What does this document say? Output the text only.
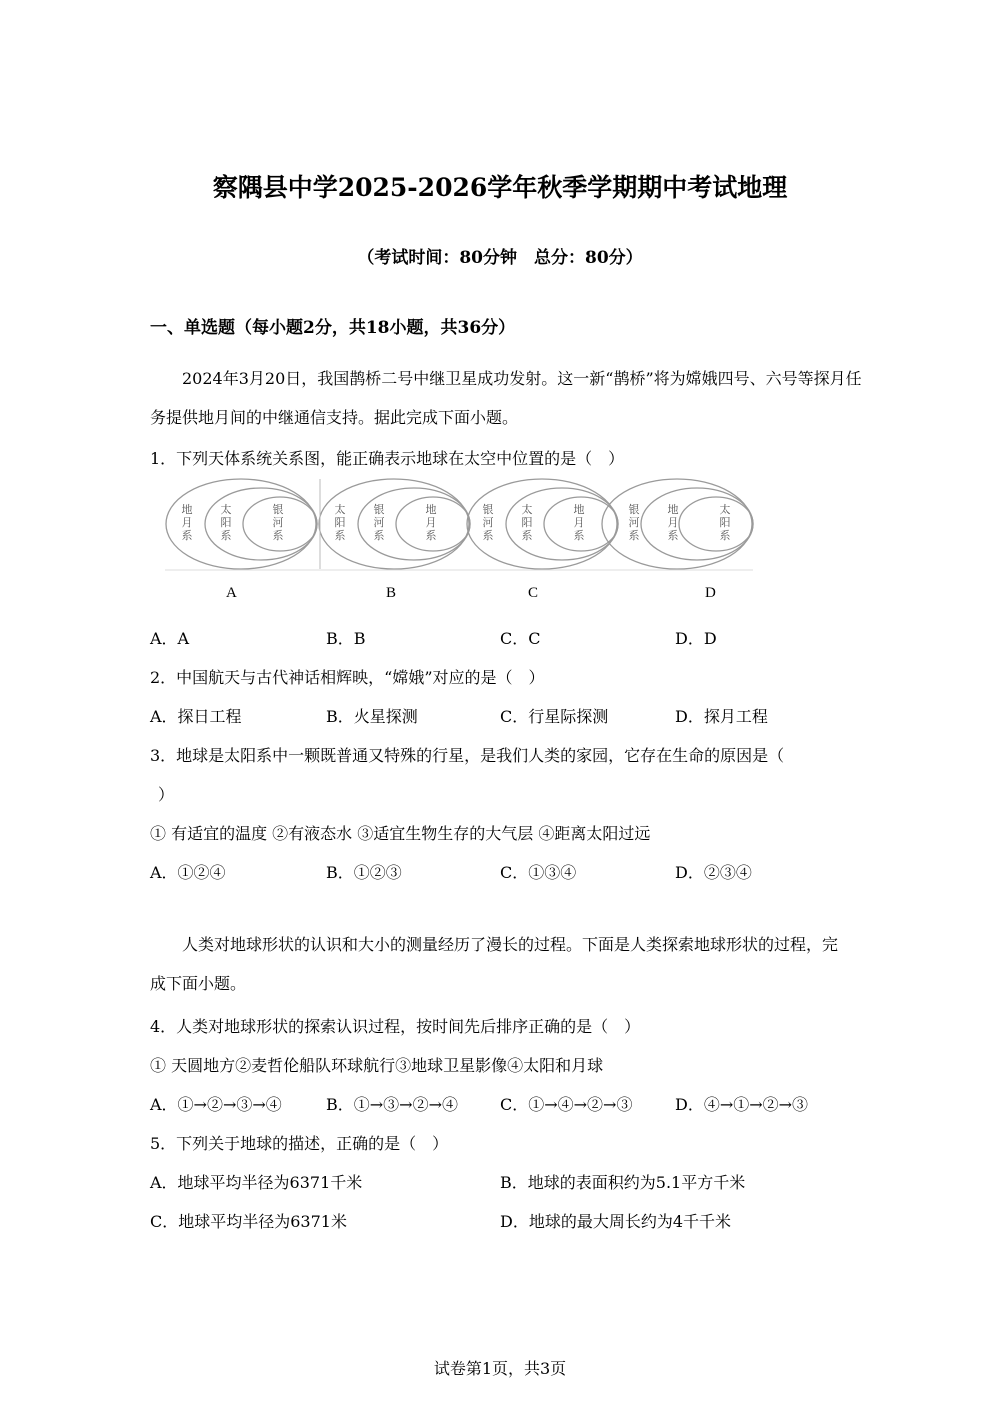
察隅县中学2025-2026学年秋季学期期中考试地理
（考试时间：80分钟　总分：80分）
一、单选题（每小题2分，共18小题，共36分）
2024年3月20日，我国鹊桥二号中继卫星成功发射。这一新“鹊桥”将为嫦娥四号、六号等探月任务提供地月间的中继通信支持。据此完成下面小题。
1．下列天体系统关系图，能正确表示地球在太空中位置的是（　）
地
月
系
太
阳
系
银
河
系
太
阳
系
银
河
系
地
月
系
银
河
系
太
阳
系
地
月
系
银
河
系
地
月
系
太
阳
系
A	B	C	D
A．A	B．B	C．C	D．D
2．中国航天与古代神话相辉映，“嫦娥”对应的是（　）
A．探日工程	B．火星探测	C．行星际探测	D．探月工程
3．地球是太阳系中一颗既普通又特殊的行星，是我们人类的家园，它存在生命的原因是（
）
① 有适宜的温度 ②有液态水 ③适宜生物生存的大气层 ④距离太阳过远
A．①②④	B．①②③	C．①③④	D．②③④
人类对地球形状的认识和大小的测量经历了漫长的过程。下面是人类探索地球形状的过程，完成下面小题。
4．人类对地球形状的探索认识过程，按时间先后排序正确的是（　）
① 天圆地方②麦哲伦船队环球航行③地球卫星影像④太阳和月球
A．①→②→③→④	B．①→③→②→④	C．①→④→②→③	D．④→①→②→③
5．下列关于地球的描述，正确的是（　）
A．地球平均半径为6371千米	B．地球的表面积约为5.1平方千米
C．地球平均半径为6371米	D．地球的最大周长约为4千千米
试卷第1页，共3页
